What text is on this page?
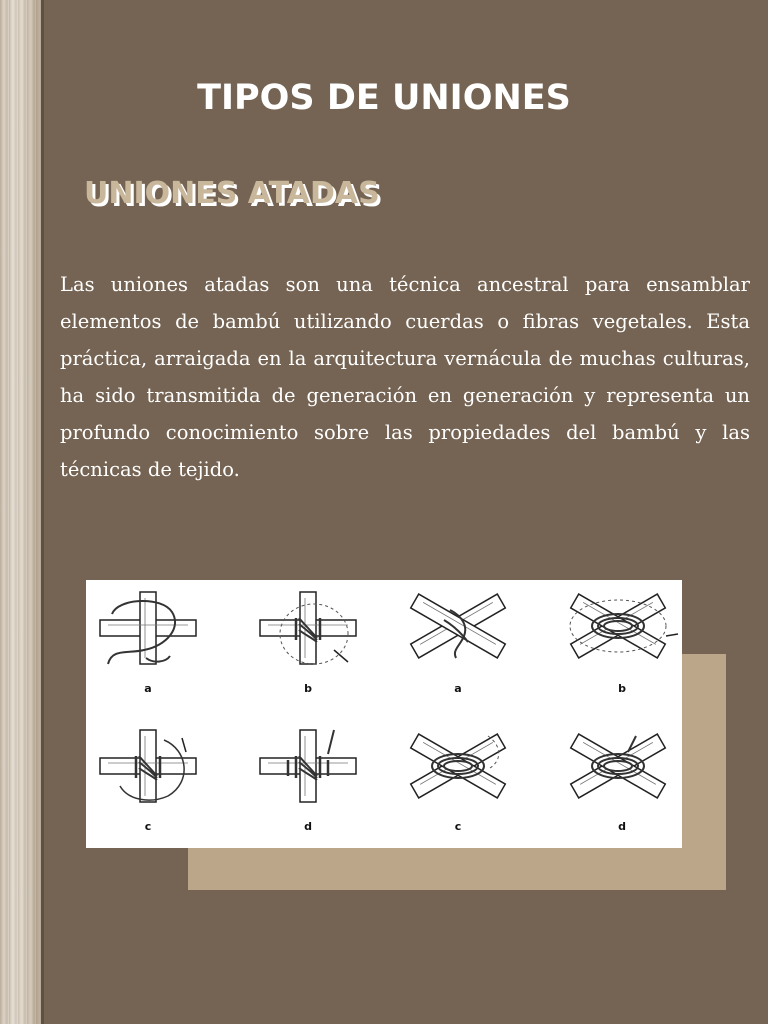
TIPOS DE UNIONES
UNIONES ATADAS

Las uniones atadas son una técnica ancestral para ensamblar elementos de bambú utilizando cuerdas o fibras vegetales. Esta práctica, arraigada en la arquitectura vernácula de muchas culturas, ha sido transmitida de generación en generación y representa un profundo conocimiento sobre las propiedades del bambú y las técnicas de tejido.

a	b	a	b
c	d	c	d
